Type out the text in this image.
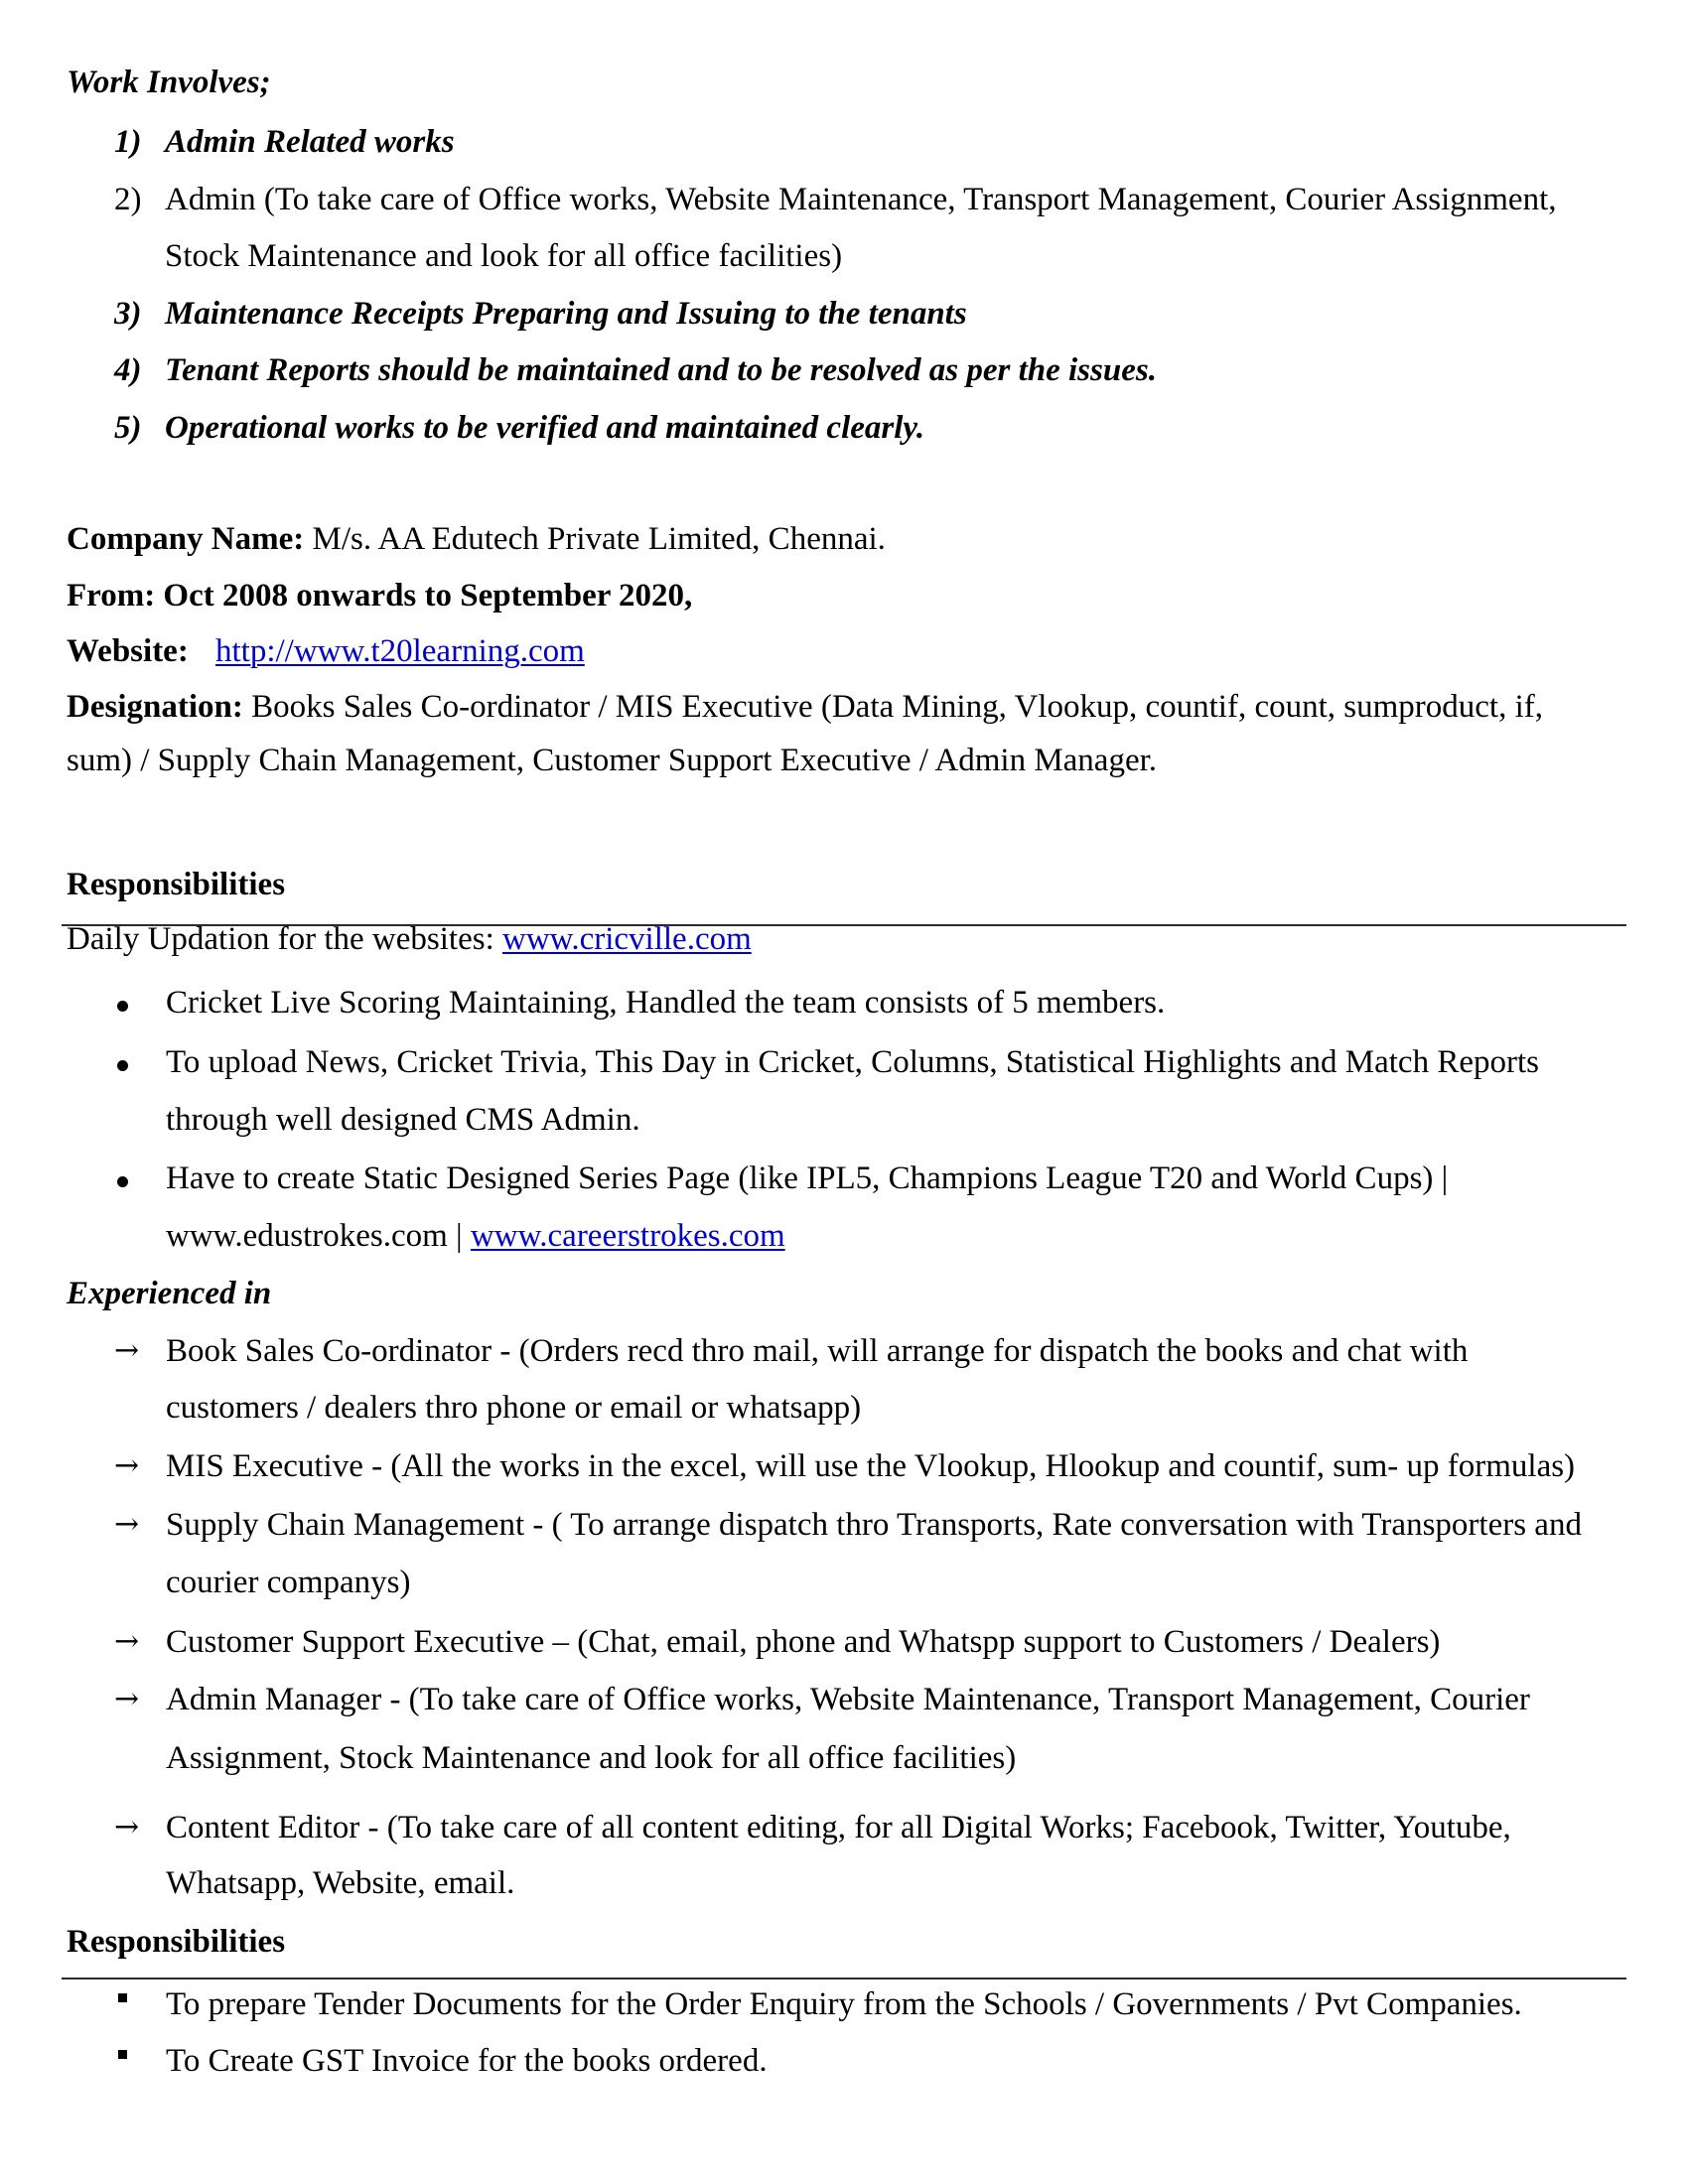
Work Involves;
1) Admin Related works
2) Admin (To take care of Office works, Website Maintenance, Transport Management, Courier Assignment,
Stock Maintenance and look for all office facilities)
3) Maintenance Receipts Preparing and Issuing to the tenants
4) Tenant Reports should be maintained and to be resolved as per the issues.
5) Operational works to be verified and maintained clearly.
Company Name: M/s. AA Edutech Private Limited, Chennai.
From: Oct 2008 onwards to September 2020,
Website: http://www.t20learning.com
Designation: Books Sales Co-ordinator / MIS Executive (Data Mining, Vlookup, countif, count, sumproduct, if,
sum) / Supply Chain Management, Customer Support Executive / Admin Manager.
Responsibilities
Daily Updation for the websites: www.cricville.com
Cricket Live Scoring Maintaining, Handled the team consists of 5 members.
To upload News, Cricket Trivia, This Day in Cricket, Columns, Statistical Highlights and Match Reports
through well designed CMS Admin.
Have to create Static Designed Series Page (like IPL5, Champions League T20 and World Cups) |
www.edustrokes.com | www.careerstrokes.com
Experienced in
→ Book Sales Co-ordinator - (Orders recd thro mail, will arrange for dispatch the books and chat with
customers / dealers thro phone or email or whatsapp)
→ MIS Executive - (All the works in the excel, will use the Vlookup, Hlookup and countif, sum- up formulas)
→ Supply Chain Management - ( To arrange dispatch thro Transports, Rate conversation with Transporters and
courier companys)
→ Customer Support Executive – (Chat, email, phone and Whatspp support to Customers / Dealers)
→ Admin Manager - (To take care of Office works, Website Maintenance, Transport Management, Courier
Assignment, Stock Maintenance and look for all office facilities)
→ Content Editor - (To take care of all content editing, for all Digital Works; Facebook, Twitter, Youtube,
Whatsapp, Website, email.
Responsibilities
To prepare Tender Documents for the Order Enquiry from the Schools / Governments / Pvt Companies.
To Create GST Invoice for the books ordered.
